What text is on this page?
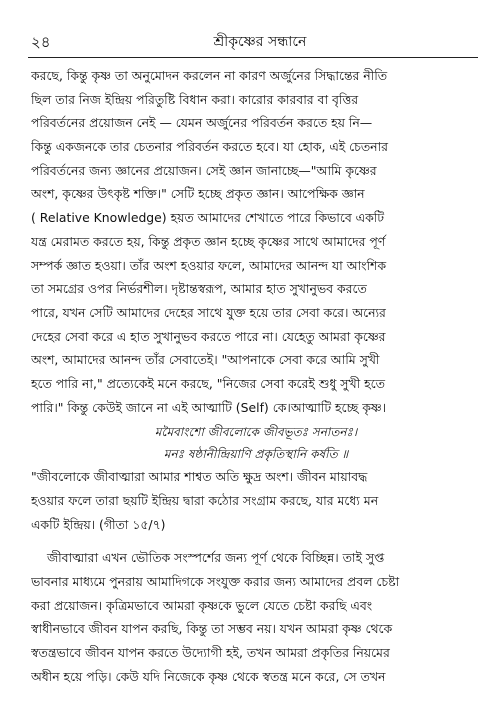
২৪	শ্রীকৃষ্ণের সন্ধানে
করছে, কিন্তু কৃষ্ণ তা অনুমোদন করলেন না কারণ অর্জুনের সিদ্ধান্তের নীতি
ছিল তার নিজ ইন্দ্রিয় পরিতুষ্টি বিধান করা। কারোর কারবার বা বৃত্তির
পরিবর্তনের প্রয়োজন নেই — যেমন অর্জুনের পরিবর্তন করতে হয় নি—
কিন্তু একজনকে তার চেতনার পরিবর্তন করতে হবে। যা হোক, এই চেতনার
পরিবর্তনের জন্য জ্ঞানের প্রয়োজন। সেই জ্ঞান জানাচ্ছে—"আমি কৃষ্ণের
অংশ, কৃষ্ণের উৎকৃষ্ট শক্তি।" সেটি হচ্ছে প্রকৃত জ্ঞান। আপেক্ষিক জ্ঞান
( Relative Knowledge) হয়ত আমাদের শেখাতে পারে কিভাবে একটি
যন্ত্র মেরামত করতে হয়, কিন্তু প্রকৃত জ্ঞান হচ্ছে কৃষ্ণের সাথে আমাদের পূর্ণ
সম্পর্ক জ্ঞাত হওয়া। তাঁর অংশ হওয়ার ফলে, আমাদের আনন্দ যা আংশিক
তা সমগ্রের ওপর নির্ভরশীল। দৃষ্টান্তস্বরূপ, আমার হাত সুখানুভব করতে
পারে, যখন সেটি আমাদের দেহের সাথে যুক্ত হয়ে তার সেবা করে। অন্যের
দেহের সেবা করে এ হাত সুখানুভব করতে পারে না। যেহেতু আমরা কৃষ্ণের
অংশ, আমাদের আনন্দ তাঁর সেবাতেই। "আপনাকে সেবা করে আমি সুখী
হতে পারি না," প্রত্যেকেই মনে করছে, "নিজের সেবা করেই শুধু সুখী হতে
পারি।" কিন্তু কেউই জানে না এই আত্মাটি (Self) কে।আত্মাটি হচ্ছে কৃষ্ণ।
মমৈবাংশো জীবলোকে জীবভূতঃ সনাতনঃ।
মনঃ ষষ্ঠানীন্দ্রিয়াণি প্রকৃতিস্থানি কর্ষতি ॥
"জীবলোকে জীবাত্মারা আমার শাশ্বত অতি ক্ষুদ্র অংশ। জীবন মায়াবদ্ধ
হওয়ার ফলে তারা ছয়টি ইন্দ্রিয় দ্বারা কঠোর সংগ্রাম করছে, যার মধ্যে মন
একটি ইন্দ্রিয়। (গীতা ১৫/৭)
জীবাত্মারা এখন ভৌতিক সংস্পর্শের জন্য পূর্ণ থেকে বিচ্ছিন্ন। তাই সুপ্ত
ভাবনার মাধ্যমে পুনরায় আমাদিগকে সংযুক্ত করার জন্য আমাদের প্রবল চেষ্টা
করা প্রয়োজন। কৃত্রিমভাবে আমরা কৃষ্ণকে ভুলে যেতে চেষ্টা করছি এবং
স্বাধীনভাবে জীবন যাপন করছি, কিন্তু তা সম্ভব নয়। যখন আমরা কৃষ্ণ থেকে
স্বতন্ত্রভাবে জীবন যাপন করতে উদ্যোগী হই, তখন আমরা প্রকৃতির নিয়মের
অধীন হয়ে পড়ি। কেউ যদি নিজেকে কৃষ্ণ থেকে স্বতন্ত্র মনে করে, সে তখন
